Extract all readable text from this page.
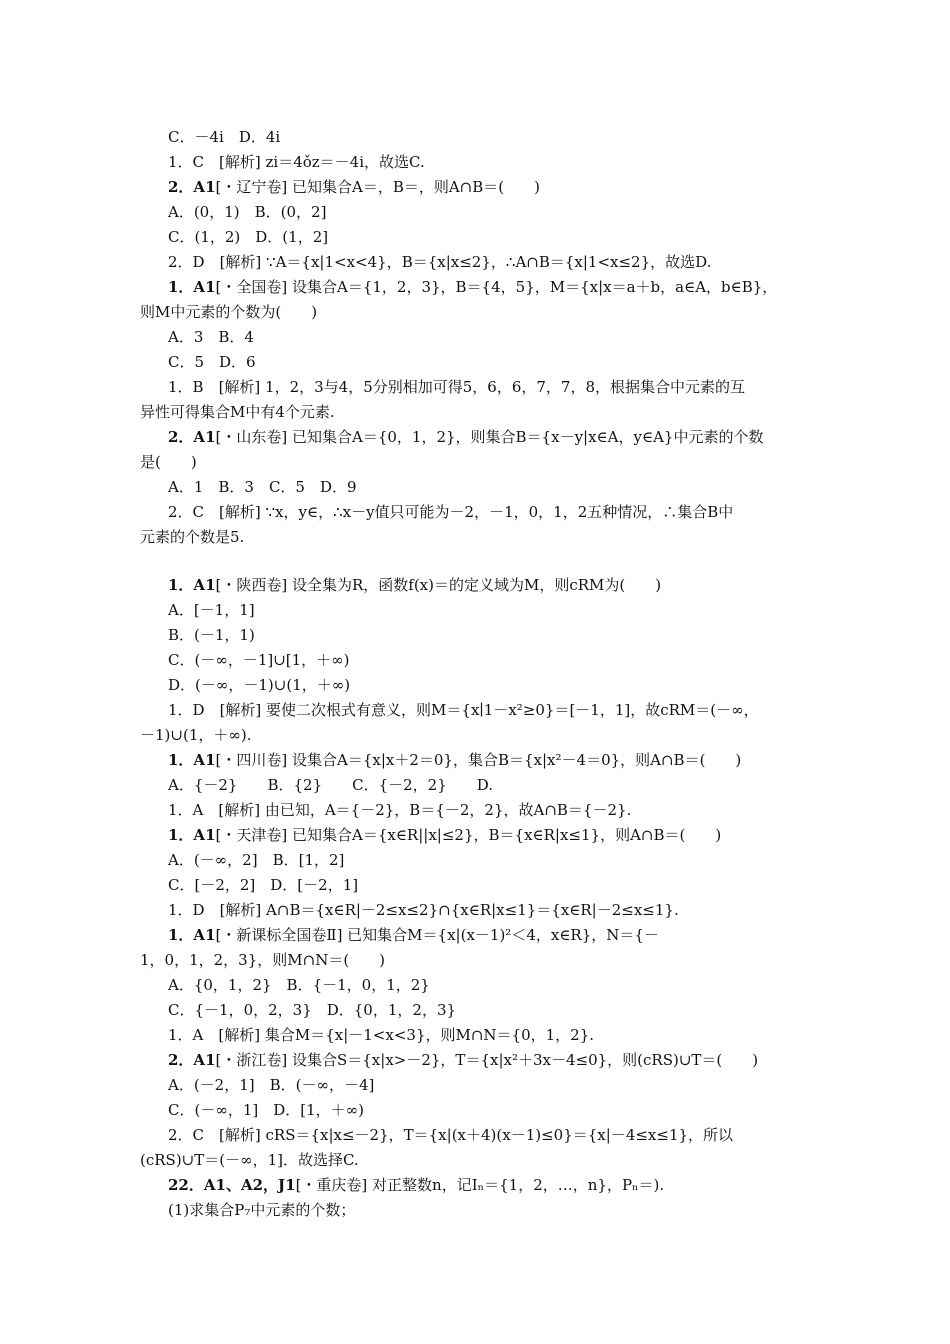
C．－4i　D．4i
1．C　[解析] zi＝4ǒz＝－4i，故选C.
2．A1[・辽宁卷] 已知集合A＝，B＝，则A∩B＝(　　)
A．(0，1)　B．(0，2]
C．(1，2)　D．(1，2]
2．D　[解析] ∵A＝{x|1<x<4}，B＝{x|x≤2}，∴A∩B＝{x|1<x≤2}，故选D.
1．A1[・全国卷] 设集合A＝{1，2，3}，B＝{4，5}，M＝{x|x＝a＋b，a∈A，b∈B}，
则M中元素的个数为(　　)
A．3　B．4
C．5　D．6
1．B　[解析] 1，2，3与4，5分别相加可得5，6，6，7，7，8，根据集合中元素的互
异性可得集合M中有4个元素.
2．A1[・山东卷] 已知集合A＝{0，1，2}，则集合B＝{x－y|x∈A，y∈A}中元素的个数
是(　　)
A．1　B．3　C．5　D．9
2．C　[解析] ∵x，y∈，∴x－y值只可能为－2，－1，0，1，2五种情况，∴集合B中
元素的个数是5.
1．A1[・陕西卷] 设全集为R，函数f(x)＝的定义域为M，则cRM为(　　)
A．[－1，1]
B．(－1，1)
C．(－∞，－1]∪[1，＋∞)
D．(－∞，－1)∪(1，＋∞)
1．D　[解析] 要使二次根式有意义，则M＝{x∣1－x²≥0}＝[－1，1]，故cRM＝(－∞，
－1)∪(1，＋∞).
1．A1[・四川卷] 设集合A＝{x|x＋2＝0}，集合B＝{x|x²－4＝0}，则A∩B＝(　　)
A．{－2}　　B．{2}　　C．{－2，2}　　D.
1．A　[解析] 由已知，A＝{－2}，B＝{－2，2}，故A∩B＝{－2}.
1．A1[・天津卷] 已知集合A＝{x∈R||x|≤2}，B＝{x∈R|x≤1}，则A∩B＝(　　)
A．(－∞，2]　B．[1，2]
C．[－2，2]　D．[－2，1]
1．D　[解析] A∩B＝{x∈R|－2≤x≤2}∩{x∈R|x≤1}＝{x∈R|－2≤x≤1}.
1．A1[・新课标全国卷Ⅱ] 已知集合M＝{x|(x－1)²＜4，x∈R}，N＝{－
1，0，1，2，3}，则M∩N＝(　　)
A．{0，1，2}　B．{－1，0，1，2}
C．{－1，0，2，3}　D．{0，1，2，3}
1．A　[解析] 集合M＝{x|－1<x<3}，则M∩N＝{0，1，2}.
2．A1[・浙江卷] 设集合S＝{x|x>－2}，T＝{x|x²＋3x－4≤0}，则(cRS)∪T＝(　　)
A．(－2，1]　B．(－∞，－4]
C．(－∞，1]　D．[1，＋∞)
2．C　[解析] cRS＝{x|x≤－2}，T＝{x|(x＋4)(x－1)≤0}＝{x|－4≤x≤1}，所以
(cRS)∪T＝(－∞，1]．故选择C.
22．A1、A2，J1[・重庆卷] 对正整数n，记Iₙ＝{1，2，…，n}，Pₙ＝).
(1)求集合P₇中元素的个数；
